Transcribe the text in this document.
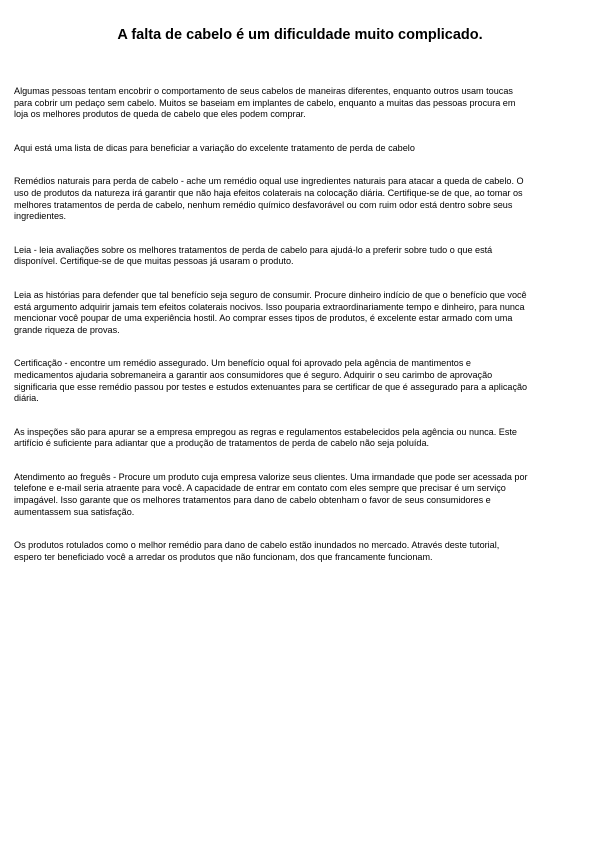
A falta de cabelo é um dificuldade muito complicado.

Algumas pessoas tentam encobrir o comportamento de seus cabelos de maneiras diferentes, enquanto outros usam toucas
para cobrir um pedaço sem cabelo. Muitos se baseiam em implantes de cabelo, enquanto a muitas das pessoas procura em
loja os melhores produtos de queda de cabelo que eles podem comprar.

Aqui está uma lista de dicas para beneficiar a variação do excelente tratamento de perda de cabelo

Remédios naturais para perda de cabelo - ache um remédio oqual use ingredientes naturais para atacar a queda de cabelo. O
uso de produtos da natureza irá garantir que não haja efeitos colaterais na colocação diária. Certifique-se de que, ao tomar os
melhores tratamentos de perda de cabelo, nenhum remédio químico desfavorável ou com ruim odor está dentro sobre seus
ingredientes.

Leia - leia avaliações sobre os melhores tratamentos de perda de cabelo para ajudá-lo a preferir sobre tudo o que está
disponível. Certifique-se de que muitas pessoas já usaram o produto.

Leia as histórias para defender que tal benefício seja seguro de consumir. Procure dinheiro indício de que o benefício que você
está argumento adquirir jamais tem efeitos colaterais nocivos. Isso pouparia extraordinariamente tempo e dinheiro, para nunca
mencionar você poupar de uma experiência hostil. Ao comprar esses tipos de produtos, é excelente estar armado com uma
grande riqueza de provas.

Certificação - encontre um remédio assegurado. Um benefício oqual foi aprovado pela agência de mantimentos e
medicamentos ajudaria sobremaneira a garantir aos consumidores que é seguro. Adquirir o seu carimbo de aprovação
significaria que esse remédio passou por testes e estudos extenuantes para se certificar de que é assegurado para a aplicação
diária.

As inspeções são para apurar se a empresa empregou as regras e regulamentos estabelecidos pela agência ou nunca. Este
artifício é suficiente para adiantar que a produção de tratamentos de perda de cabelo não seja poluída.

Atendimento ao freguês - Procure um produto cuja empresa valorize seus clientes. Uma irmandade que pode ser acessada por
telefone e e-mail seria atraente para você. A capacidade de entrar em contato com eles sempre que precisar é um serviço
impagável. Isso garante que os melhores tratamentos para dano de cabelo obtenham o favor de seus consumidores e
aumentassem sua satisfação.

Os produtos rotulados como o melhor remédio para dano de cabelo estão inundados no mercado. Através deste tutorial,
espero ter beneficiado você a arredar os produtos que não funcionam, dos que francamente funcionam.
